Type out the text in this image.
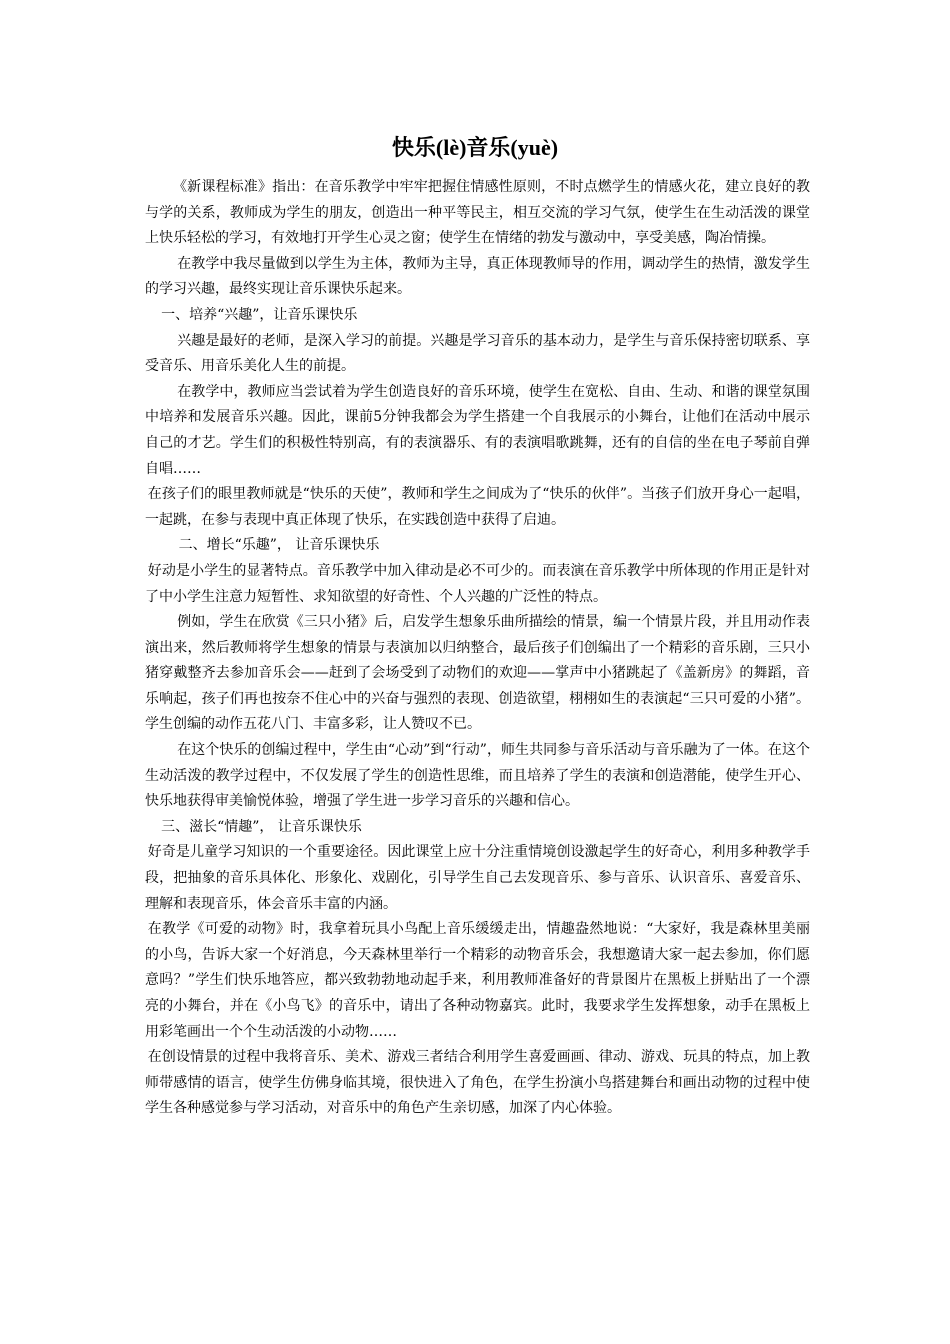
快乐(lè)音乐(yuè)

《新课程标准》指出：在音乐教学中牢牢把握住情感性原则，不时点燃学生的情感火花，建立良好的教与学的关系，教师成为学生的朋友，创造出一种平等民主，相互交流的学习气氛，使学生在生动活泼的课堂上快乐轻松的学习，有效地打开学生心灵之窗；使学生在情绪的勃发与激动中，享受美感，陶冶情操。

在教学中我尽量做到以学生为主体，教师为主导，真正体现教师导的作用，调动学生的热情，激发学生的学习兴趣，最终实现让音乐课快乐起来。

一、培养“兴趣”，让音乐课快乐

兴趣是最好的老师，是深入学习的前提。兴趣是学习音乐的基本动力，是学生与音乐保持密切联系、享受音乐、用音乐美化人生的前提。

在教学中，教师应当尝试着为学生创造良好的音乐环境，使学生在宽松、自由、生动、和谐的课堂氛围中培养和发展音乐兴趣。因此，课前5分钟我都会为学生搭建一个自我展示的小舞台，让他们在活动中展示自己的才艺。学生们的积极性特别高，有的表演器乐、有的表演唱歌跳舞，还有的自信的坐在电子琴前自弹自唱……

在孩子们的眼里教师就是“快乐的天使”，教师和学生之间成为了“快乐的伙伴”。当孩子们放开身心一起唱，一起跳，在参与表现中真正体现了快乐，在实践创造中获得了启迪。

二、增长“乐趣”， 让音乐课快乐

好动是小学生的显著特点。音乐教学中加入律动是必不可少的。而表演在音乐教学中所体现的作用正是针对了中小学生注意力短暂性、求知欲望的好奇性、个人兴趣的广泛性的特点。

例如，学生在欣赏《三只小猪》后，启发学生想象乐曲所描绘的情景，编一个情景片段，并且用动作表演出来，然后教师将学生想象的情景与表演加以归纳整合，最后孩子们创编出了一个精彩的音乐剧，三只小猪穿戴整齐去参加音乐会——赶到了会场受到了动物们的欢迎——掌声中小猪跳起了《盖新房》的舞蹈，音乐响起，孩子们再也按奈不住心中的兴奋与强烈的表现、创造欲望，栩栩如生的表演起“三只可爱的小猪”。学生创编的动作五花八门、丰富多彩，让人赞叹不已。

在这个快乐的创编过程中，学生由“心动”到“行动”，师生共同参与音乐活动与音乐融为了一体。在这个生动活泼的教学过程中，不仅发展了学生的创造性思维，而且培养了学生的表演和创造潜能，使学生开心、快乐地获得审美愉悦体验，增强了学生进一步学习音乐的兴趣和信心。

三、滋长“情趣”， 让音乐课快乐

好奇是儿童学习知识的一个重要途径。因此课堂上应十分注重情境创设激起学生的好奇心，利用多种教学手段，把抽象的音乐具体化、形象化、戏剧化，引导学生自己去发现音乐、参与音乐、认识音乐、喜爱音乐、理解和表现音乐，体会音乐丰富的内涵。

在教学《可爱的动物》时，我拿着玩具小鸟配上音乐缓缓走出，情趣盎然地说：“大家好，我是森林里美丽的小鸟，告诉大家一个好消息，今天森林里举行一个精彩的动物音乐会，我想邀请大家一起去参加，你们愿意吗？”学生们快乐地答应，都兴致勃勃地动起手来，利用教师准备好的背景图片在黑板上拼贴出了一个漂亮的小舞台，并在《小鸟飞》的音乐中，请出了各种动物嘉宾。此时，我要求学生发挥想象，动手在黑板上用彩笔画出一个个生动活泼的小动物……

在创设情景的过程中我将音乐、美术、游戏三者结合利用学生喜爱画画、律动、游戏、玩具的特点，加上教师带感情的语言，使学生仿佛身临其境，很快进入了角色，在学生扮演小鸟搭建舞台和画出动物的过程中使学生各种感觉参与学习活动，对音乐中的角色产生亲切感，加深了内心体验。
